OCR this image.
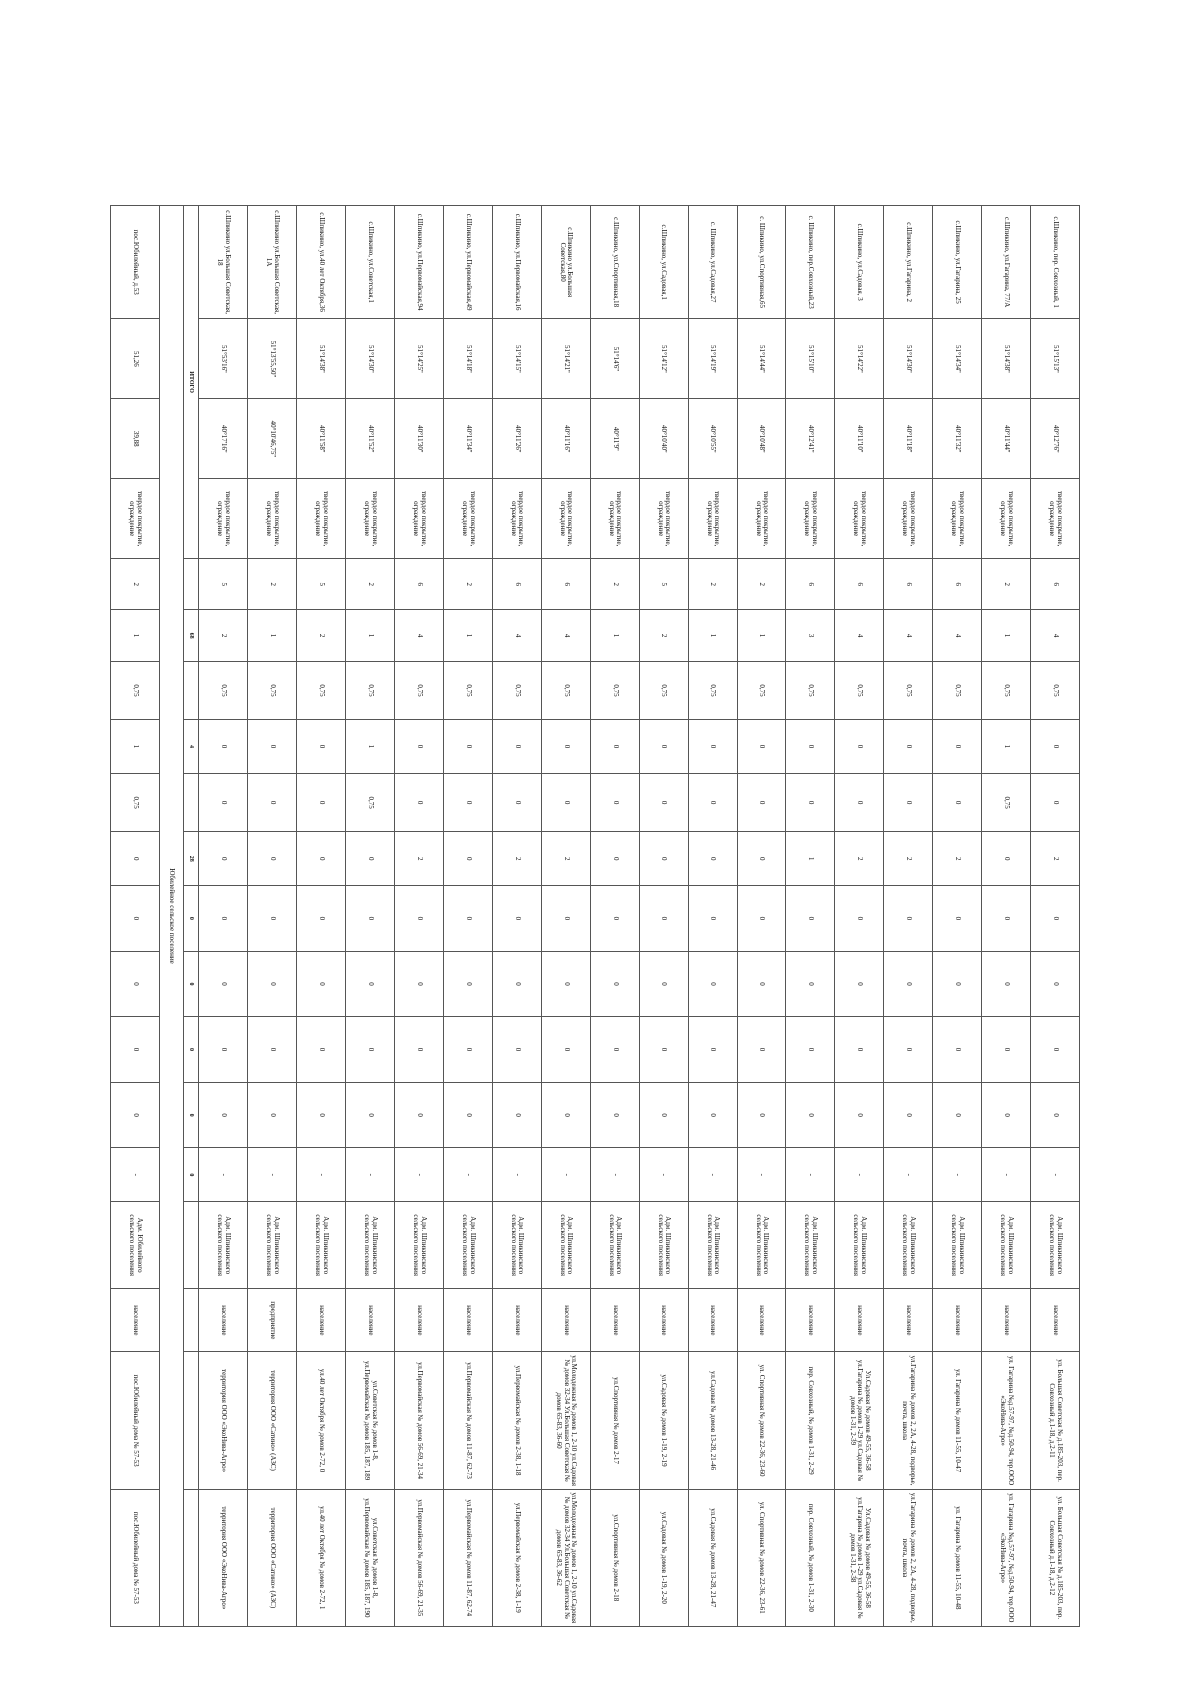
с.Шпикино, пер. Совхозный, 1	51°15'13''	40°12'76''	твердое покрытие, ограждение	6	4	0,75	0	0	2	0	0	0	0	-	Адм. Шпикинского сельского поселения	население	ул. Большая Советская № д.185-203, пер. Совхозный д.1-18, д.2-11	ул. Большая Советская № д.185-203, пер. Совхозный д.1-18, д.2-12
с.Шпикино, ул.Гагарина, 77/А	51°14'38''	40°11'44''	твердое покрытие, ограждение	2	1	0,75	1	0,75	0	0	0	0	0	-	Адм. Шпикинского сельского поселения	население	ул. Гагарина №д.57-97, №д.50-94, тер.ООО «ЭкоНива-Агро»	ул. Гагарина №д.57-97, №д.50-94, тер.ООО «ЭкоНива-Агро»
с.Шпикино, ул.Гагарина, 25	51°14'34''	40°11'32''	твердое покрытие, ограждение	6	4	0,75	0	0	2	0	0	0	0	-	Адм. Шпикинского сельского поселения	население	ул. Гагарина № домов 11-55, 10-47	ул. Гагарина № домов 11-55, 10-48
с.Шпикино, ул.Гагарина, 2	51°14'30''	40°11'18''	твердое покрытие, ограждение	6	4	0,75	0	0	2	0	0	0	0	-	Адм. Шпикинского сельского поселения	население	ул.Гагарина № домов 2, 2А, 4-28, подворье, почта, школа	ул.Гагарина № домов 2, 2А, 4-28, подворье, почта, школа
с.Шпикино, ул.Садовая, 3	51°14'22''	40°11'10''	твердое покрытие, ограждение	6	4	0,75	0	0	2	0	0	0	0	-	Адм. Шпикинского сельского поселения	население	Ул.Садовая № домов 49-55, 36-58 ул.Гагарина № домов 1-29 ул.Садовая № домов 1-31, 2-39	Ул.Садовая № домов 49-55, 36-58 ул.Гагарина № домов 1-29 ул.Садовая № домов 1-31, 2-38
с. Шпикино, пер.Совхозный,23	51°15'10''	40°12'41''	твердое покрытие, ограждение	6	3	0,75	0	0	1	0	0	0	0	-	Адм. Шпикинского сельского поселения	население	пер. Совхозный, № домов 1-31, 2-29	пер. Совхозный, № домов 1-31, 2-30
с. Шпикино, ул.Спортивная,65	51°14'44''	40°10'48''	твердое покрытие, ограждение	2	1	0,75	0	0	0	0	0	0	0	-	Адм. Шпикинского сельского поселения	население	ул. Спортивная № домов 22-36, 23-60	ул. Спортивная № домов 22-36, 23-61
с. Шпикино, ул.Садовая,27	51°14'19''	40°10'55''	твердое покрытие, ограждение	2	1	0,75	0	0	0	0	0	0	0	-	Адм. Шпикинского сельского поселения	население	ул.Садовая № домов 13-28, 21-46	ул.Садовая № домов 13-28, 21-47
с.Шпикино, ул.Садовая,1	51°14'12''	40°10'40''	твердое покрытие, ограждение	5	2	0,75	0	0	0	0	0	0	0	-	Адм. Шпикинского сельского поселения	население	ул.Садовая № домов 1-19, 2-19	ул.Садовая № домов 1-19, 2-20
с.Шпикино, ул.Спортивная,18	51°14'6''	40°11'9''	твердое покрытие, ограждение	2	1	0,75	0	0	0	0	0	0	0	-	Адм. Шпикинского сельского поселения	население	ул.Спортивная № домов 2-17	ул.Спортивная № домов 2-18
с.Шпикино ул.Большая Советская,80	51°14'21''	40°11'16''	твердое покрытие, ограждение	6	4	0,75	0	0	2	0	0	0	0	-	Адм. Шпикинского сельского поселения	население	ул.Молодежная № домов 1, 2-10 ул.Садовая № домов 32-34 Ул.Большая Советская № домов 65-83, 36-60	ул.Молодежная № домов 1, 2-10 ул.Садовая № домов 32-34 Ул.Большая Советская № домов 65-83, 36-62
с.Шпикино, ул.Первомайская,16	51°14'15''	40°11'26''	твердое покрытие, ограждение	6	4	0,75	0	0	2	0	0	0	0	-	Адм. Шпикинского сельского поселения	население	ул.Первомайская № домов 2-38, 1-18	ул.Первомайская № домов 2-38, 1-19
с.Шпикино, ул.Первомайская,49	51°14'18''	40°11'34''	твердое покрытие, ограждение	2	1	0,75	0	0	0	0	0	0	0	-	Адм. Шпикинского сельского поселения	население	ул.Первомайская № домов 11-87, 62-73	ул.Первомайская № домов 11-87, 62-74
с.Шпикино, ул.Первомайская,94	51°14'25''	40°11'30''	твердое покрытие, ограждение	6	4	0,75	0	0	2	0	0	0	0	-	Адм. Шпикинского сельского поселения	население	ул.Первомайская № домов 56-69, 21-34	ул.Первомайская № домов 56-69, 21-35
с.Шпикино, ул.Советская,1	51°14'30''	40°11'52''	твердое покрытие, ограждение	2	1	0,75	1	0,75	0	0	0	0	0	-	Адм. Шпикинского сельского поселения	население	ул.Советская № домов 1-8, ул.Первомайская № домов 185, 187, 189	ул.Советская № домов 1-8, ул.Первомайская № домов 185, 187, 190
с.Шпикино, ул.40 лет Октября,36	51°14'38''	40°11'58''	твердое покрытие, ограждение	5	2	0,75	0	0	0	0	0	0	0	-	Адм. Шпикинского сельского поселения	население	ул.40 лет Октября № домов 2-72, 0	ул.40 лет Октября № домов 2-72, 1
с.Шпикино ул.Большая Советская, 1А	51°13'55,50''	40°10'46,75''	твердое покрытие, ограждение	2	1	0,75	0	0	0	0	0	0	0	-	Адм. Шпикинского сельского поселения	предприятие	территория ООО «Сатино» (АЗС)	территория ООО «Сатино» (АЗС)
с.Шпикино ул.Большая Советская, 18	51°53'16''	40°17'16''	твердое покрытие, ограждение	5	2	0,75	0	0	0	0	0	0	0	-	Адм. Шпикинского сельского поселения	население	территория ООО «ЭкоНива-Агро»	территория ООО «ЭкоНива-Агро»
ИТОГО					68		4		28	0	0	0	0	0				
Юбилейное сельское поселение																		
пос.Юбилейный, д.53	51,26	39,88	твердое покрытие, ограждение	2	1	0,75	1	0,75	0	0	0	0	0	-	Адм. Юбилейного сельского поселения	население	пос.Юбилейный дома № 57-53	пос.Юбилейный дома № 57-53
